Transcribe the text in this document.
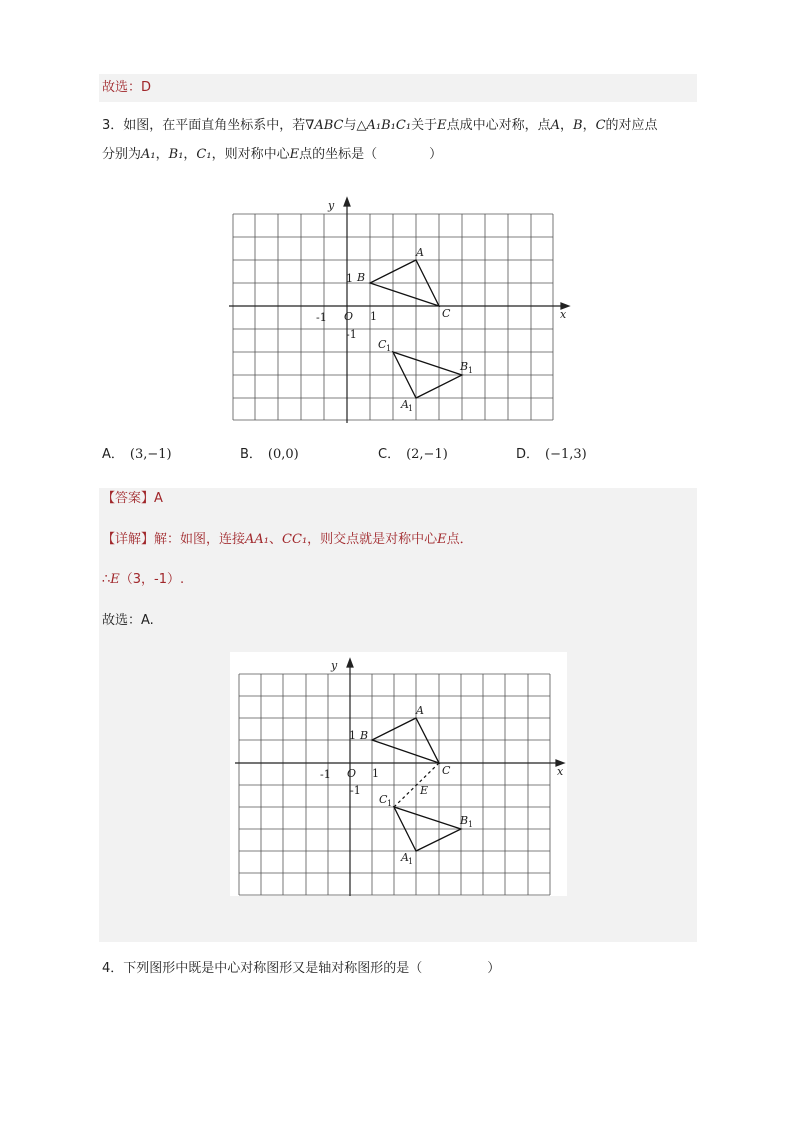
故选：D
3．如图，在平面直角坐标系中，若∇ABC与△A₁B₁C₁关于E点成中心对称，点A，B，C的对应点
分别为A₁，B₁，C₁，则对称中心E点的坐标是（　　　　）
y
x
O
-1	1
-1
1
A
B
C
C 1
B 1
A 1
A． (3,−1)	B． (0,0)	C． (2,−1)	D． (−1,3)
【答案】A
【详解】解：如图，连接AA₁、CC₁，则交点就是对称中心E点．
∴E（3，-1）.
故选：A.
y
x
O
-1	1
-1
1
A
B
C
E
C 1
B 1
A 1
4．下列图形中既是中心对称图形又是轴对称图形的是（　　　　　）
